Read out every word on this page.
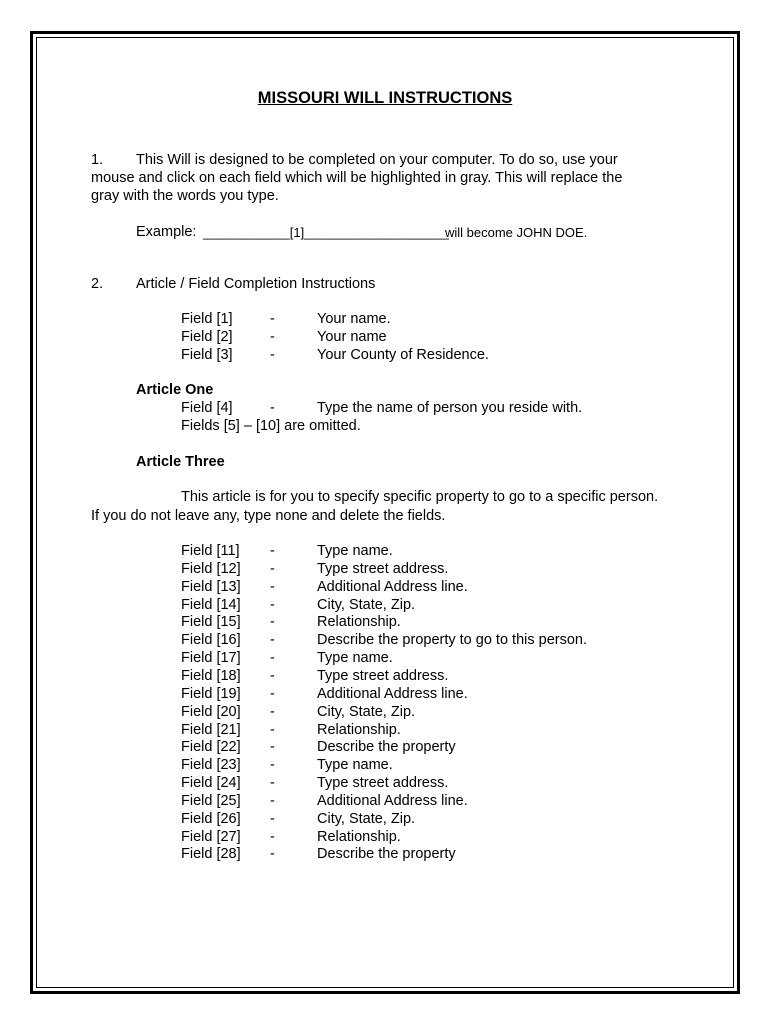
MISSOURI WILL INSTRUCTIONS
1. This Will is designed to be completed on your computer. To do so, use your
mouse and click on each field which will be highlighted in gray. This will replace the
gray with the words you type.
Example: ____________[1]____________________
will become JOHN DOE.
2. Article / Field Completion Instructions
Field [1]	-	Your name.
Field [2]	-	Your name
Field [3]	-	Your County of Residence.
Article One
Field [4]	-	Type the name of person you reside with.
Fields [5] – [10] are omitted.
Article Three
This article is for you to specify specific property to go to a specific person.
If you do not leave any, type none and delete the fields.
Field [11] -	Type name.
Field [12] -	Type street address.
Field [13] -	Additional Address line.
Field [14] -	City, State, Zip.
Field [15] -	Relationship.
Field [16] -	Describe the property to go to this person.
Field [17] -	Type name.
Field [18] -	Type street address.
Field [19] -	Additional Address line.
Field [20] -	City, State, Zip.
Field [21] -	Relationship.
Field [22] -	Describe the property
Field [23] -	Type name.
Field [24] -	Type street address.
Field [25] -	Additional Address line.
Field [26] -	City, State, Zip.
Field [27] -	Relationship.
Field [28] -	Describe the property
